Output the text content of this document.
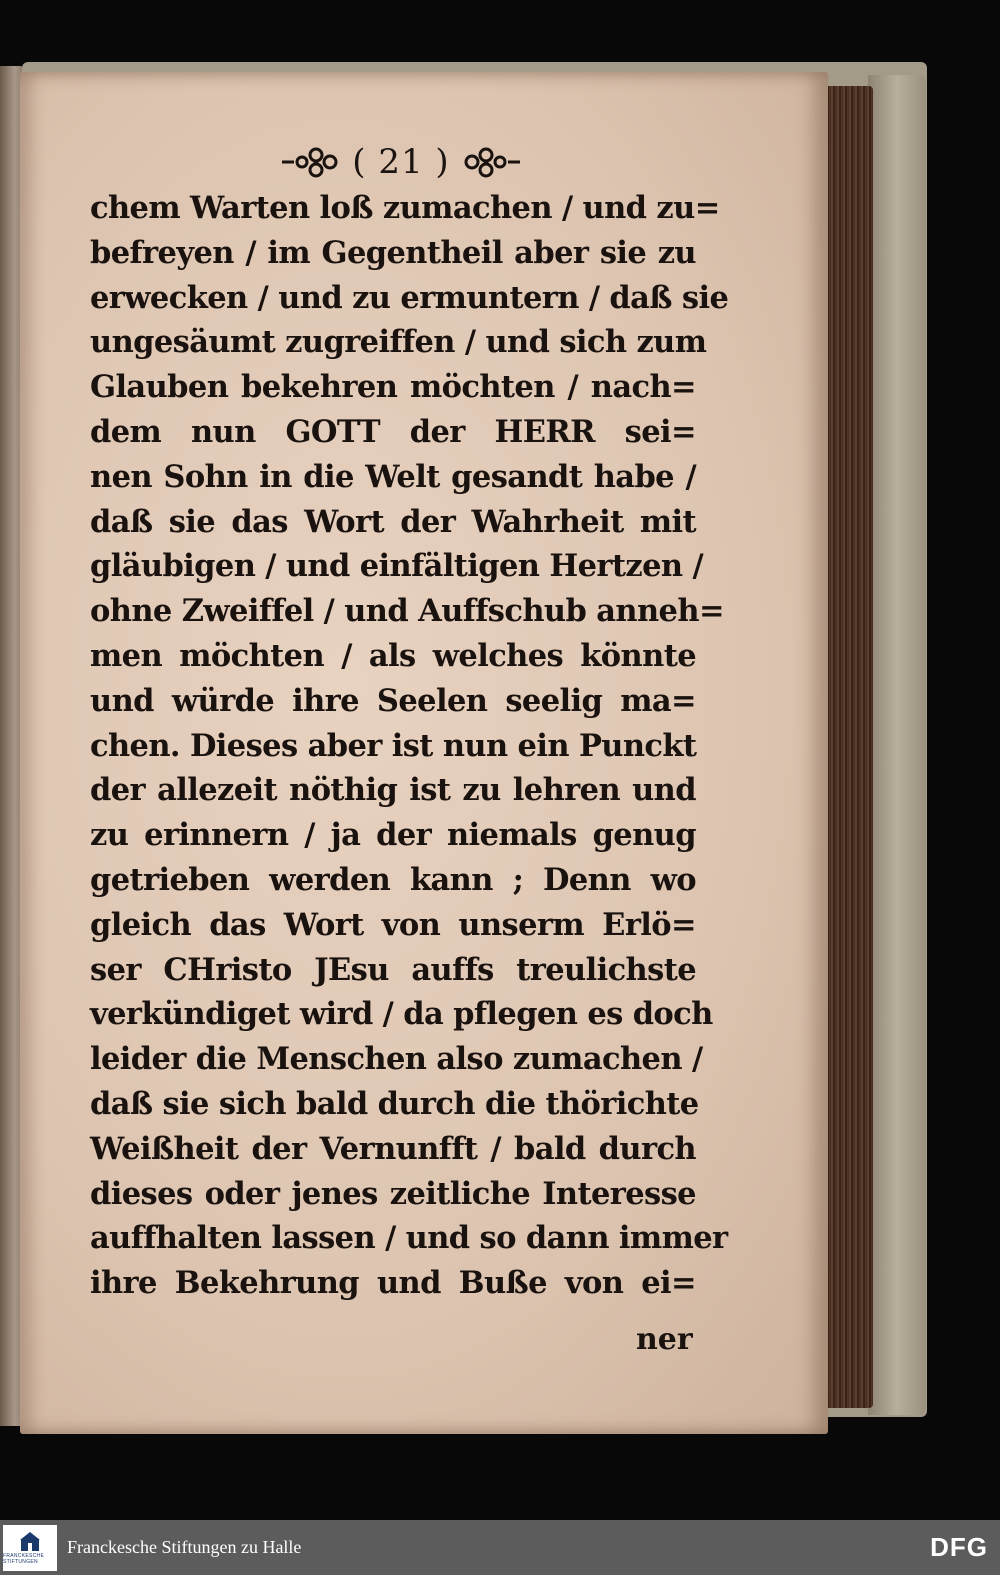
( 21 )
chem Warten loß zumachen / und zu=
befreyen / im Gegentheil aber sie zu
erwecken / und zu ermuntern / daß sie
ungesäumt zugreiffen / und sich zum
Glauben bekehren möchten / nach=
dem nun GOTT der HERR sei=
nen Sohn in die Welt gesandt habe /
daß sie das Wort der Wahrheit mit
gläubigen / und einfältigen Hertzen /
ohne Zweiffel / und Auffschub anneh=
men möchten / als welches könnte
und würde ihre Seelen seelig ma=
chen. Dieses aber ist nun ein Punckt
der allezeit nöthig ist zu lehren und
zu erinnern / ja der niemals genug
getrieben werden kann ; Denn wo
gleich das Wort von unserm Erlö=
ser CHristo JEsu auffs treulichste
verkündiget wird / da pflegen es doch
leider die Menschen also zumachen /
daß sie sich bald durch die thörichte
Weißheit der Vernunfft / bald durch
dieses oder jenes zeitliche Interesse
auffhalten lassen / und so dann immer
ihre Bekehrung und Buße von ei=
ner
FRANCKESCHE STIFTUNGEN
Franckesche Stiftungen zu Halle	DFG
